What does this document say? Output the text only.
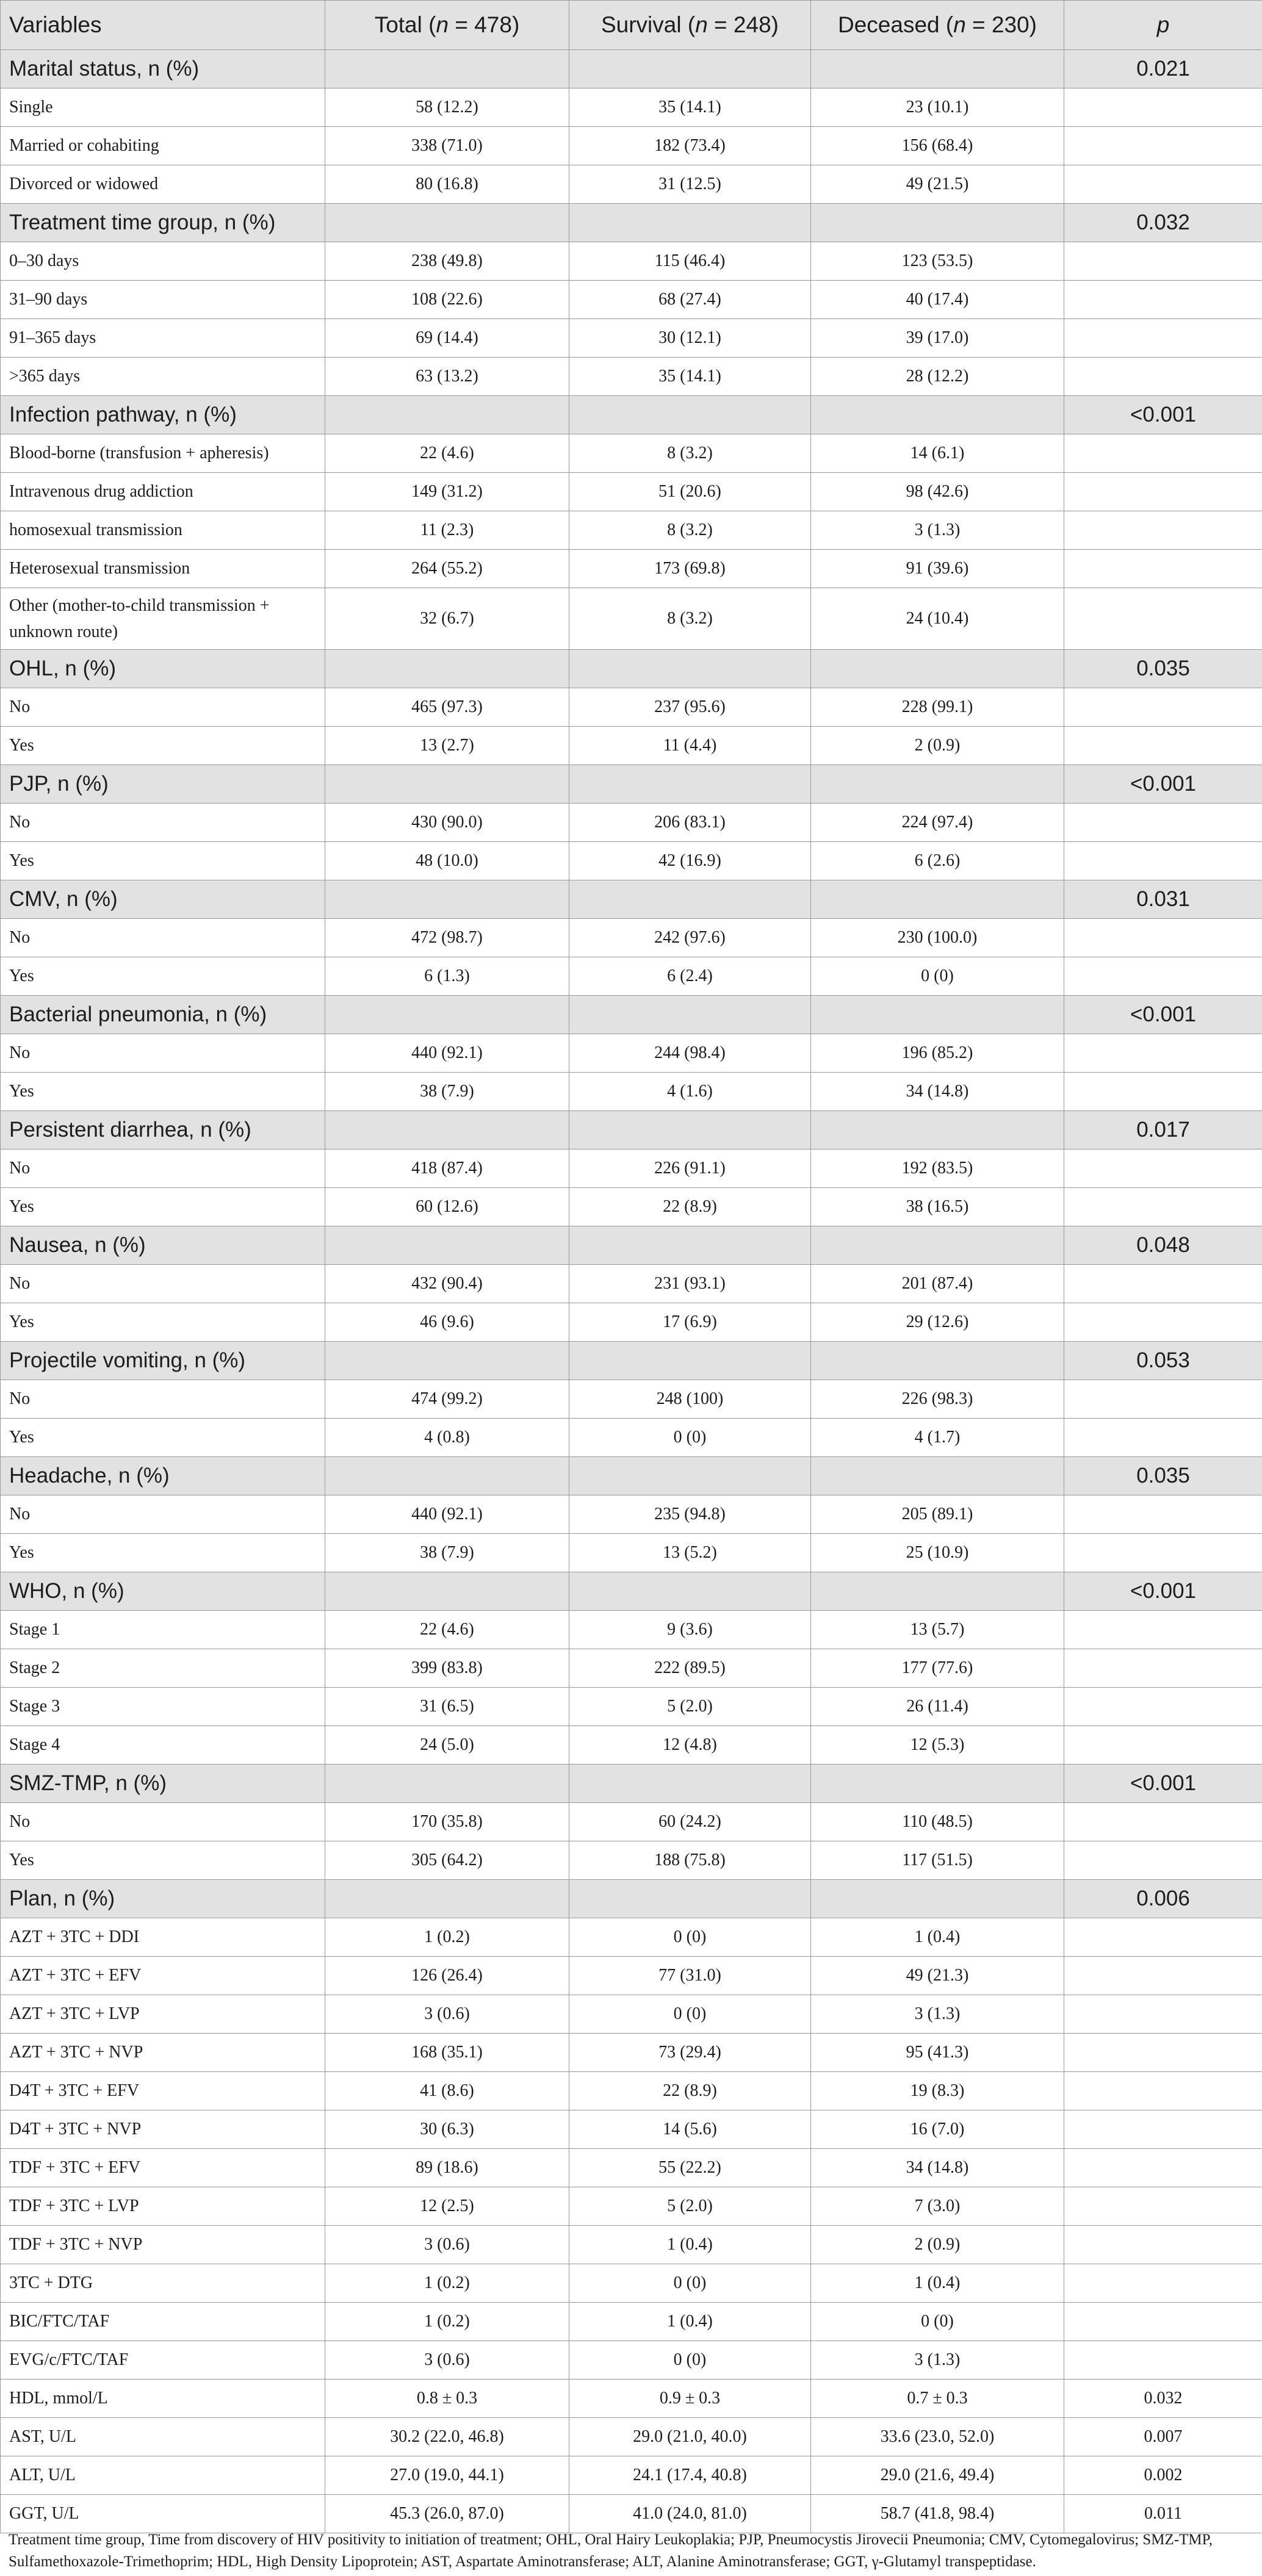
Variables	Total (n = 478)	Survival (n = 248)	Deceased (n = 230)	p
Marital status, n (%)				0.021
Single	58 (12.2)	35 (14.1)	23 (10.1)	
Married or cohabiting	338 (71.0)	182 (73.4)	156 (68.4)	
Divorced or widowed	80 (16.8)	31 (12.5)	49 (21.5)	
Treatment time group, n (%)				0.032
0–30 days	238 (49.8)	115 (46.4)	123 (53.5)	
31–90 days	108 (22.6)	68 (27.4)	40 (17.4)	
91–365 days	69 (14.4)	30 (12.1)	39 (17.0)	
>365 days	63 (13.2)	35 (14.1)	28 (12.2)	
Infection pathway, n (%)				<0.001
Blood-borne (transfusion + apheresis)	22 (4.6)	8 (3.2)	14 (6.1)	
Intravenous drug addiction	149 (31.2)	51 (20.6)	98 (42.6)	
homosexual transmission	11 (2.3)	8 (3.2)	3 (1.3)	
Heterosexual transmission	264 (55.2)	173 (69.8)	91 (39.6)	
Other (mother-to-child transmission + unknown route)	32 (6.7)	8 (3.2)	24 (10.4)	
OHL, n (%)				0.035
No	465 (97.3)	237 (95.6)	228 (99.1)	
Yes	13 (2.7)	11 (4.4)	2 (0.9)	
PJP, n (%)				<0.001
No	430 (90.0)	206 (83.1)	224 (97.4)	
Yes	48 (10.0)	42 (16.9)	6 (2.6)	
CMV, n (%)				0.031
No	472 (98.7)	242 (97.6)	230 (100.0)	
Yes	6 (1.3)	6 (2.4)	0 (0)	
Bacterial pneumonia, n (%)				<0.001
No	440 (92.1)	244 (98.4)	196 (85.2)	
Yes	38 (7.9)	4 (1.6)	34 (14.8)	
Persistent diarrhea, n (%)				0.017
No	418 (87.4)	226 (91.1)	192 (83.5)	
Yes	60 (12.6)	22 (8.9)	38 (16.5)	
Nausea, n (%)				0.048
No	432 (90.4)	231 (93.1)	201 (87.4)	
Yes	46 (9.6)	17 (6.9)	29 (12.6)	
Projectile vomiting, n (%)				0.053
No	474 (99.2)	248 (100)	226 (98.3)	
Yes	4 (0.8)	0 (0)	4 (1.7)	
Headache, n (%)				0.035
No	440 (92.1)	235 (94.8)	205 (89.1)	
Yes	38 (7.9)	13 (5.2)	25 (10.9)	
WHO, n (%)				<0.001
Stage 1	22 (4.6)	9 (3.6)	13 (5.7)	
Stage 2	399 (83.8)	222 (89.5)	177 (77.6)	
Stage 3	31 (6.5)	5 (2.0)	26 (11.4)	
Stage 4	24 (5.0)	12 (4.8)	12 (5.3)	
SMZ-TMP, n (%)				<0.001
No	170 (35.8)	60 (24.2)	110 (48.5)	
Yes	305 (64.2)	188 (75.8)	117 (51.5)	
Plan, n (%)				0.006
AZT + 3TC + DDI	1 (0.2)	0 (0)	1 (0.4)	
AZT + 3TC + EFV	126 (26.4)	77 (31.0)	49 (21.3)	
AZT + 3TC + LVP	3 (0.6)	0 (0)	3 (1.3)	
AZT + 3TC + NVP	168 (35.1)	73 (29.4)	95 (41.3)	
D4T + 3TC + EFV	41 (8.6)	22 (8.9)	19 (8.3)	
D4T + 3TC + NVP	30 (6.3)	14 (5.6)	16 (7.0)	
TDF + 3TC + EFV	89 (18.6)	55 (22.2)	34 (14.8)	
TDF + 3TC + LVP	12 (2.5)	5 (2.0)	7 (3.0)	
TDF + 3TC + NVP	3 (0.6)	1 (0.4)	2 (0.9)	
3TC + DTG	1 (0.2)	0 (0)	1 (0.4)	
BIC/FTC/TAF	1 (0.2)	1 (0.4)	0 (0)	
EVG/c/FTC/TAF	3 (0.6)	0 (0)	3 (1.3)	
HDL, mmol/L	0.8 ± 0.3	0.9 ± 0.3	0.7 ± 0.3	0.032
AST, U/L	30.2 (22.0, 46.8)	29.0 (21.0, 40.0)	33.6 (23.0, 52.0)	0.007
ALT, U/L	27.0 (19.0, 44.1)	24.1 (17.4, 40.8)	29.0 (21.6, 49.4)	0.002
GGT, U/L	45.3 (26.0, 87.0)	41.0 (24.0, 81.0)	58.7 (41.8, 98.4)	0.011

Treatment time group, Time from discovery of HIV positivity to initiation of treatment; OHL, Oral Hairy Leukoplakia; PJP, Pneumocystis Jirovecii Pneumonia; CMV, Cytomegalovirus; SMZ-TMP, Sulfamethoxazole-Trimethoprim; HDL, High Density Lipoprotein; AST, Aspartate Aminotransferase; ALT, Alanine Aminotransferase; GGT, γ-Glutamyl transpeptidase.
